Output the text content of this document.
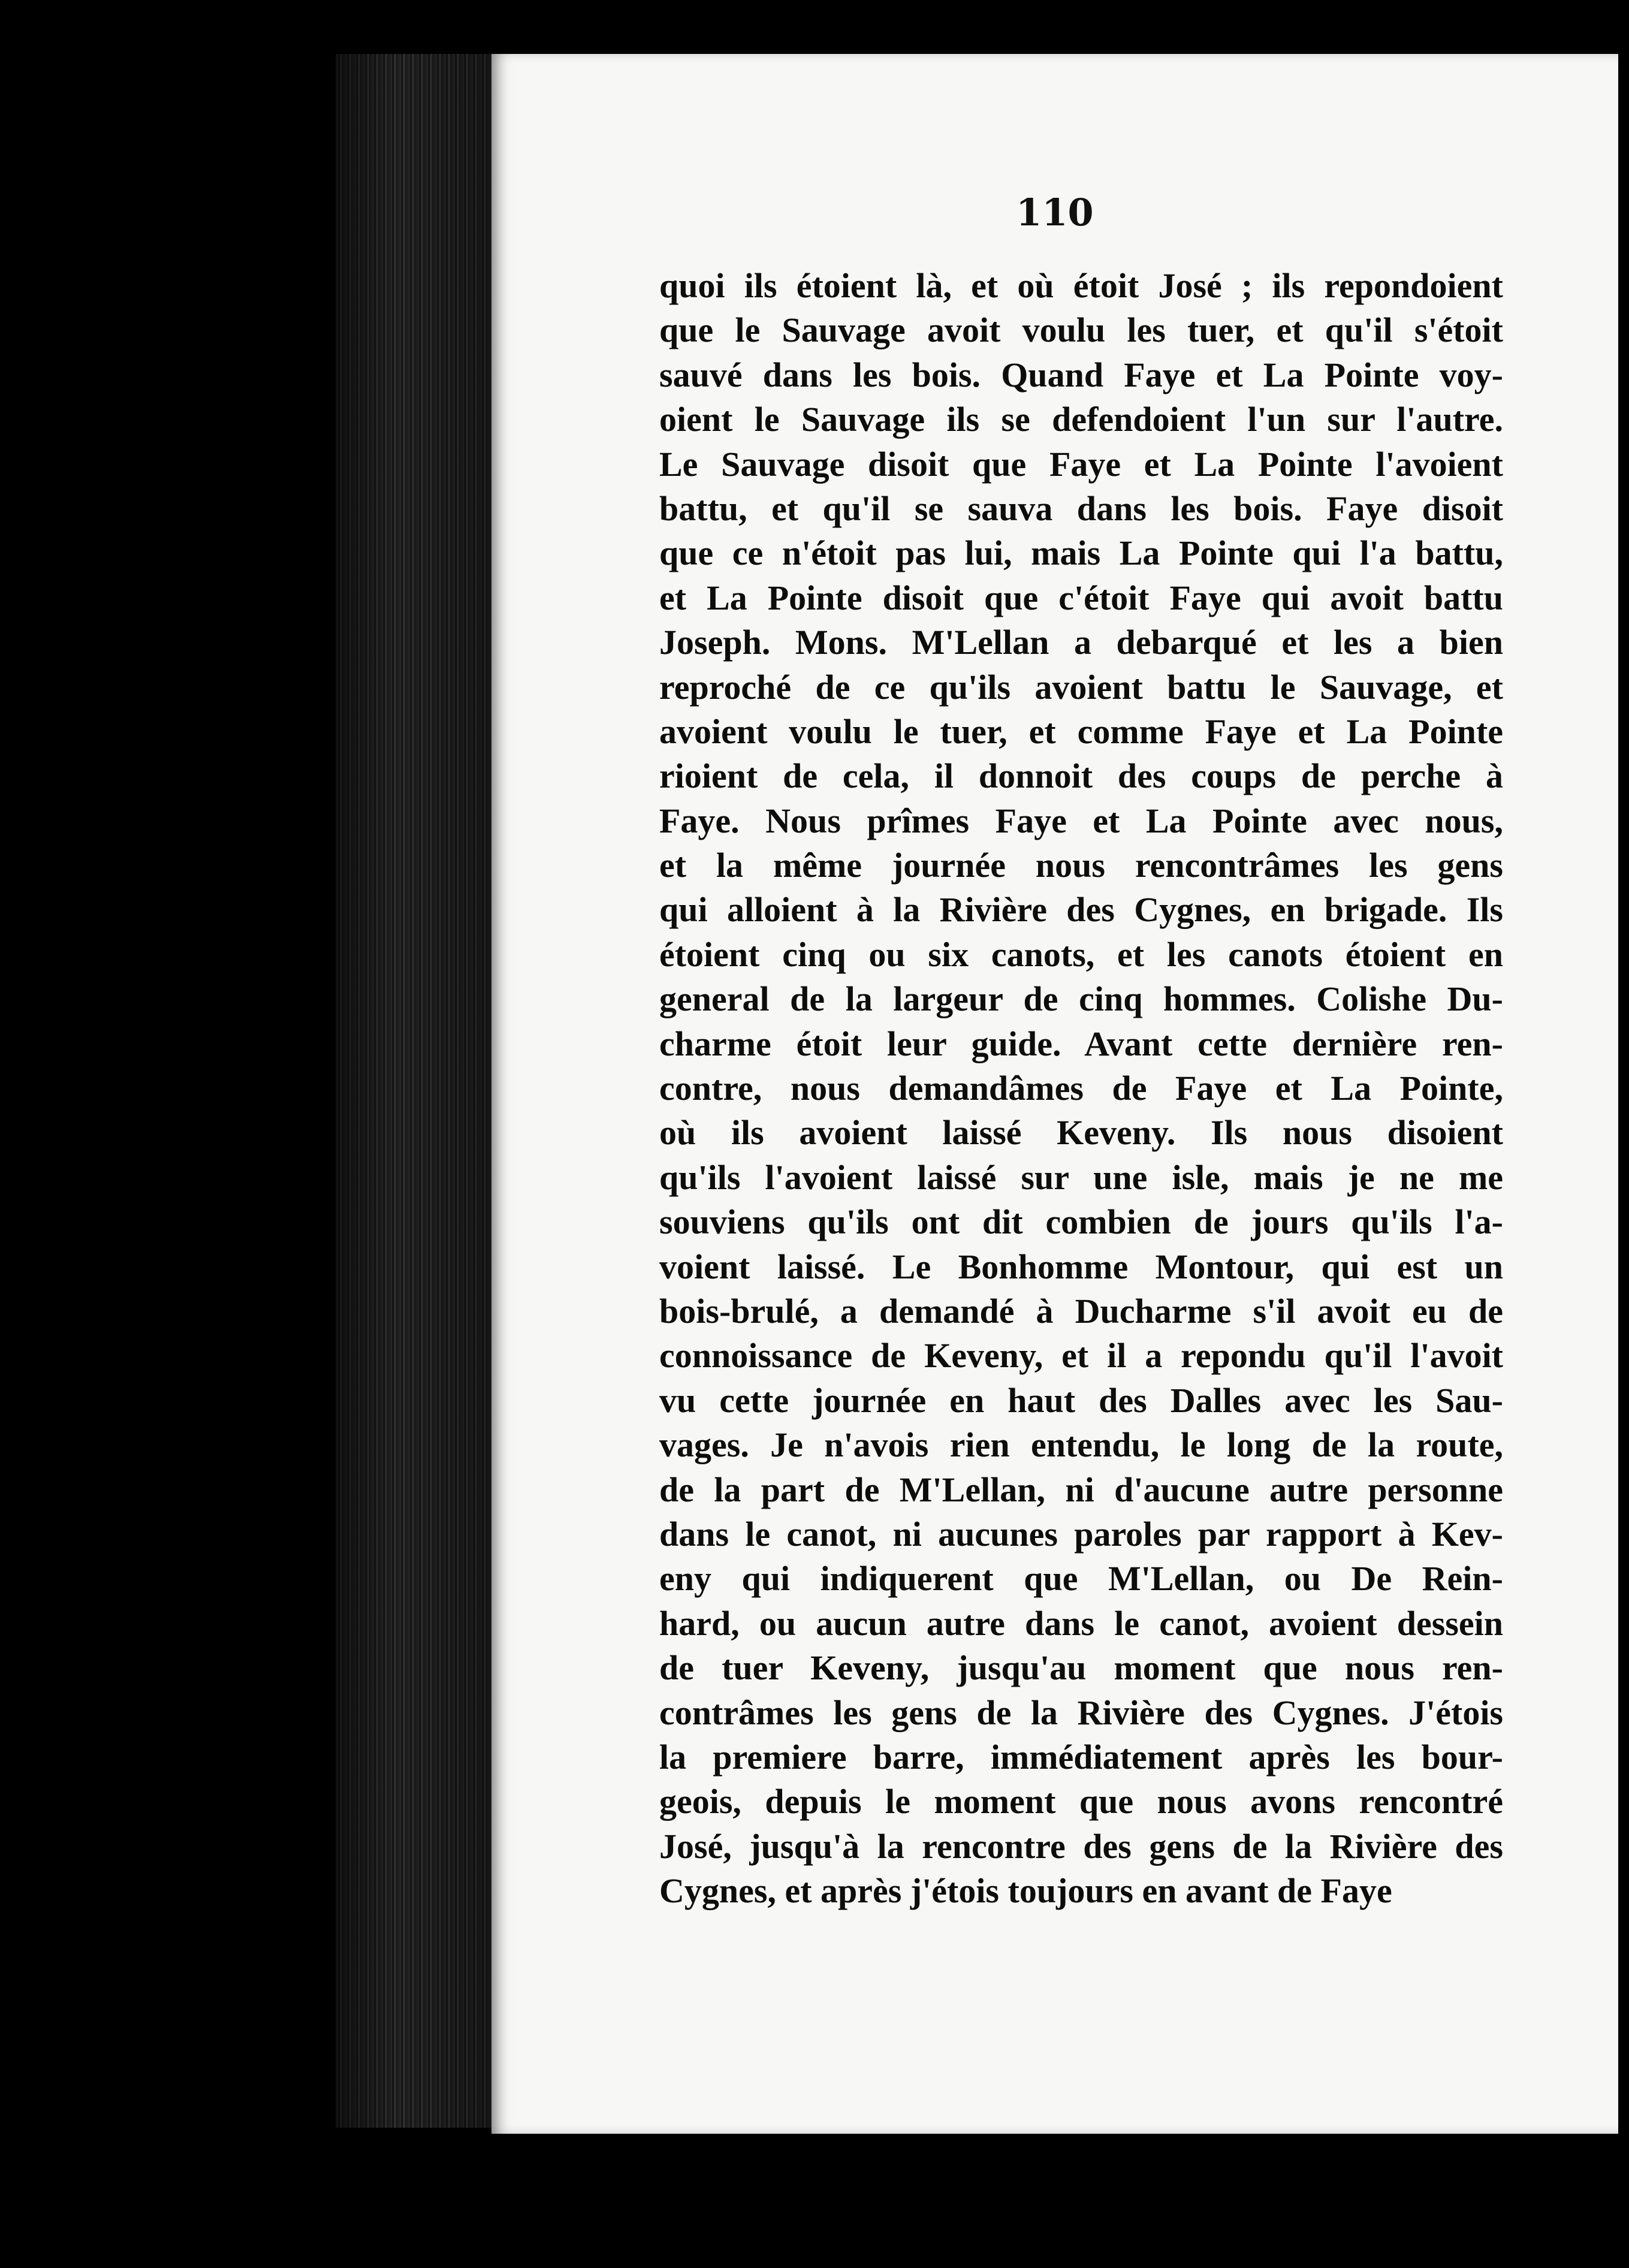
110
quoi ils étoient là, et où étoit José ; ils repondoient
que le Sauvage avoit voulu les tuer, et qu'il s'étoit
sauvé dans les bois. Quand Faye et La Pointe voy-
oient le Sauvage ils se defendoient l'un sur l'autre.
Le Sauvage disoit que Faye et La Pointe l'avoient
battu, et qu'il se sauva dans les bois. Faye disoit
que ce n'étoit pas lui, mais La Pointe qui l'a battu,
et La Pointe disoit que c'étoit Faye qui avoit battu
Joseph. Mons. M'Lellan a debarqué et les a bien
reproché de ce qu'ils avoient battu le Sauvage, et
avoient voulu le tuer, et comme Faye et La Pointe
rioient de cela, il donnoit des coups de perche à
Faye. Nous prîmes Faye et La Pointe avec nous,
et la même journée nous rencontrâmes les gens
qui alloient à la Rivière des Cygnes, en brigade. Ils
étoient cinq ou six canots, et les canots étoient en
general de la largeur de cinq hommes. Colishe Du-
charme étoit leur guide. Avant cette dernière ren-
contre, nous demandâmes de Faye et La Pointe,
où ils avoient laissé Keveny. Ils nous disoient
qu'ils l'avoient laissé sur une isle, mais je ne me
souviens qu'ils ont dit combien de jours qu'ils l'a-
voient laissé. Le Bonhomme Montour, qui est un
bois-brulé, a demandé à Ducharme s'il avoit eu de
connoissance de Keveny, et il a repondu qu'il l'avoit
vu cette journée en haut des Dalles avec les Sau-
vages. Je n'avois rien entendu, le long de la route,
de la part de M'Lellan, ni d'aucune autre personne
dans le canot, ni aucunes paroles par rapport à Kev-
eny qui indiquerent que M'Lellan, ou De Rein-
hard, ou aucun autre dans le canot, avoient dessein
de tuer Keveny, jusqu'au moment que nous ren-
contrâmes les gens de la Rivière des Cygnes. J'étois
la premiere barre, immédiatement après les bour-
geois, depuis le moment que nous avons rencontré
José, jusqu'à la rencontre des gens de la Rivière des
Cygnes, et après j'étois toujours en avant de Faye
